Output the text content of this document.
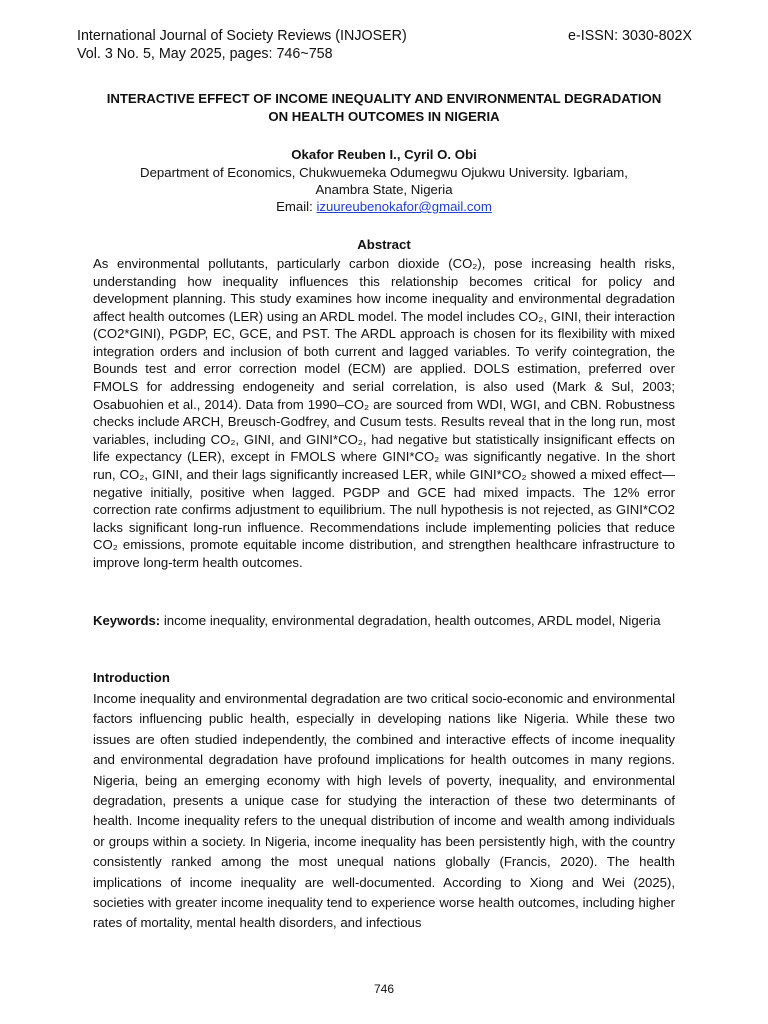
International Journal of Society Reviews (INJOSER)	e-ISSN: 3030-802X
Vol. 3 No. 5, May 2025, pages: 746~758
INTERACTIVE EFFECT OF INCOME INEQUALITY AND ENVIRONMENTAL DEGRADATION
ON HEALTH OUTCOMES IN NIGERIA
Okafor Reuben I., Cyril O. Obi
Department of Economics, Chukwuemeka Odumegwu Ojukwu University. Igbariam,
Anambra State, Nigeria
Email: izuureubenokafor@gmail.com
Abstract
As environmental pollutants, particularly carbon dioxide (CO₂), pose increasing health risks, understanding how inequality influences this relationship becomes critical for policy and development planning. This study examines how income inequality and environmental degradation affect health outcomes (LER) using an ARDL model. The model includes CO₂, GINI, their interaction (CO2*GINI), PGDP, EC, GCE, and PST. The ARDL approach is chosen for its flexibility with mixed integration orders and inclusion of both current and lagged variables. To verify cointegration, the Bounds test and error correction model (ECM) are applied. DOLS estimation, preferred over FMOLS for addressing endogeneity and serial correlation, is also used (Mark & Sul, 2003; Osabuohien et al., 2014). Data from 1990–CO₂ are sourced from WDI, WGI, and CBN. Robustness checks include ARCH, Breusch-Godfrey, and Cusum tests. Results reveal that in the long run, most variables, including CO₂, GINI, and GINI*CO₂, had negative but statistically insignificant effects on life expectancy (LER), except in FMOLS where GINI*CO₂ was significantly negative. In the short run, CO₂, GINI, and their lags significantly increased LER, while GINI*CO₂ showed a mixed effect—negative initially, positive when lagged. PGDP and GCE had mixed impacts. The 12% error correction rate confirms adjustment to equilibrium. The null hypothesis is not rejected, as GINI*CO2 lacks significant long-run influence. Recommendations include implementing policies that reduce CO₂ emissions, promote equitable income distribution, and strengthen healthcare infrastructure to improve long-term health outcomes.
Keywords: income inequality, environmental degradation, health outcomes, ARDL model, Nigeria
Introduction
Income inequality and environmental degradation are two critical socio-economic and environmental factors influencing public health, especially in developing nations like Nigeria. While these two issues are often studied independently, the combined and interactive effects of income inequality and environmental degradation have profound implications for health outcomes in many regions. Nigeria, being an emerging economy with high levels of poverty, inequality, and environmental degradation, presents a unique case for studying the interaction of these two determinants of health. Income inequality refers to the unequal distribution of income and wealth among individuals or groups within a society. In Nigeria, income inequality has been persistently high, with the country consistently ranked among the most unequal nations globally (Francis, 2020). The health implications of income inequality are well-documented. According to Xiong and Wei (2025), societies with greater income inequality tend to experience worse health outcomes, including higher rates of mortality, mental health disorders, and infectious
746
